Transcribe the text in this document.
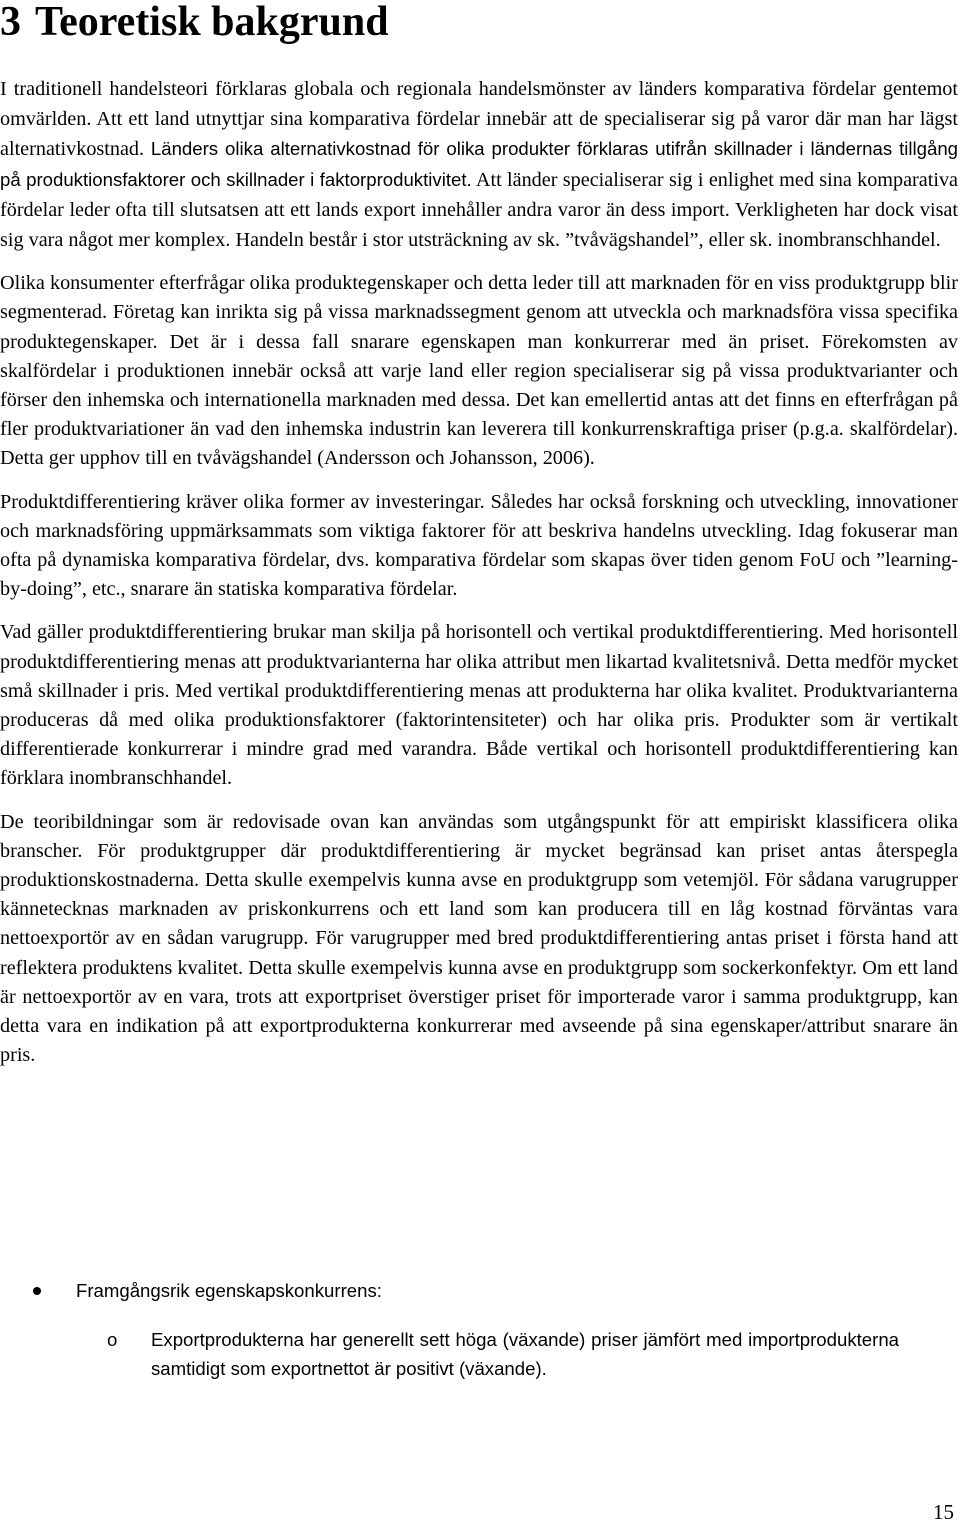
3 Teoretisk bakgrund

I traditionell handelsteori förklaras globala och regionala handelsmönster av länders komparativa fördelar gentemot omvärlden. Att ett land utnyttjar sina komparativa fördelar innebär att de specialiserar sig på varor där man har lägst alternativkostnad. Länders olika alternativkostnad för olika produkter förklaras utifrån skillnader i ländernas tillgång på produktionsfaktorer och skillnader i faktorproduktivitet. Att länder specialiserar sig i enlighet med sina komparativa fördelar leder ofta till slutsatsen att ett lands export innehåller andra varor än dess import. Verkligheten har dock visat sig vara något mer komplex. Handeln består i stor utsträckning av sk. ”tvåvägshandel”, eller sk. inombranschhandel.

Olika konsumenter efterfrågar olika produktegenskaper och detta leder till att marknaden för en viss produktgrupp blir segmenterad. Företag kan inrikta sig på vissa marknadssegment genom att utveckla och marknadsföra vissa specifika produktegenskaper. Det är i dessa fall snarare egenskapen man konkurrerar med än priset. Förekomsten av skalfördelar i produktionen innebär också att varje land eller region specialiserar sig på vissa produktvarianter och förser den inhemska och internationella marknaden med dessa. Det kan emellertid antas att det finns en efterfrågan på fler produktvariationer än vad den inhemska industrin kan leverera till konkurrenskraftiga priser (p.g.a. skalfördelar). Detta ger upphov till en tvåvägshandel (Andersson och Johansson, 2006).

Produktdifferentiering kräver olika former av investeringar. Således har också forskning och utveckling, innovationer och marknadsföring uppmärksammats som viktiga faktorer för att beskriva handelns utveckling. Idag fokuserar man ofta på dynamiska komparativa fördelar, dvs. komparativa fördelar som skapas över tiden genom FoU och ”learning-by-doing”, etc., snarare än statiska komparativa fördelar.

Vad gäller produktdifferentiering brukar man skilja på horisontell och vertikal produktdifferentiering. Med horisontell produktdifferentiering menas att produktvarianterna har olika attribut men likartad kvalitetsnivå. Detta medför mycket små skillnader i pris. Med vertikal produktdifferentiering menas att produkterna har olika kvalitet. Produktvarianterna produceras då med olika produktionsfaktorer (faktorintensiteter) och har olika pris. Produkter som är vertikalt differentierade konkurrerar i mindre grad med varandra. Både vertikal och horisontell produktdifferentiering kan förklara inombranschhandel.

De teoribildningar som är redovisade ovan kan användas som utgångspunkt för att empiriskt klassificera olika branscher. För produktgrupper där produktdifferentiering är mycket begränsad kan priset antas återspegla produktionskostnaderna. Detta skulle exempelvis kunna avse en produktgrupp som vetemjöl. För sådana varugrupper kännetecknas marknaden av priskonkurrens och ett land som kan producera till en låg kostnad förväntas vara nettoexportör av en sådan varugrupp. För varugrupper med bred produktdifferentiering antas priset i första hand att reflektera produktens kvalitet. Detta skulle exempelvis kunna avse en produktgrupp som sockerkonfektyr. Om ett land är nettoexportör av en vara, trots att exportpriset överstiger priset för importerade varor i samma produktgrupp, kan detta vara en indikation på att exportprodukterna konkurrerar med avseende på sina egenskaper/attribut snarare än pris.

Framgångsrik egenskapskonkurrens:
o Exportprodukterna har generellt sett höga (växande) priser jämfört med importprodukterna samtidigt som exportnettot är positivt (växande).
15
